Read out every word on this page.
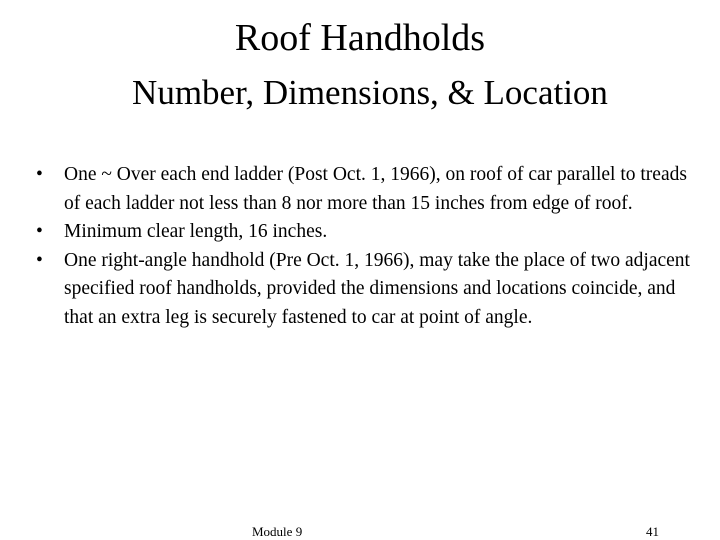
Roof Handholds
Number, Dimensions, & Location
•	One ~ Over each end ladder (Post Oct. 1, 1966), on roof of car parallel to treads of each ladder not less than 8 nor more than 15 inches from edge of roof.
•	Minimum clear length, 16 inches.
•	One right-angle handhold (Pre Oct. 1, 1966), may take the place of two adjacent specified roof handholds, provided the dimensions and locations coincide, and that an extra leg is securely fastened to car at point of angle.
Module 9	41
